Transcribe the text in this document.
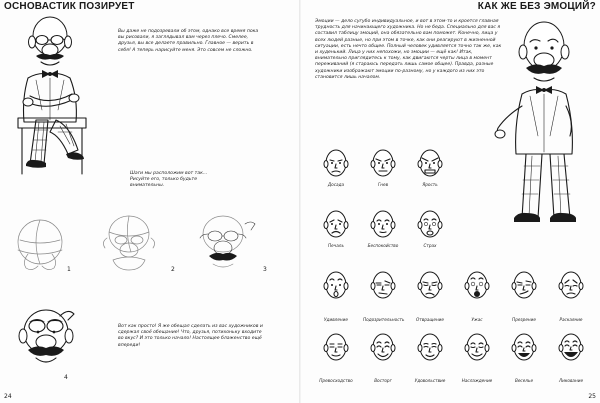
ОСНОВАСТИК ПОЗИРУЕТ
Вы даже не подозревали об этом, однако все время пока вы рисовали, я заглядывал вам через плечо. Смелее, друзья, вы все делаете правильно. Главное — верить в себя! А теперь нарисуйте меня. Это совсем не сложно.
Шаги мы расположим вот так... Рисуйте его, только будьте внимательны.
1	2	3
4
Вот как просто! Я же обещал сделать из вас художников и сдержал своё обещание! Что, друзья, потихоньку входите во вкус? И это только начало! Настоящее блаженство ещё впереди!
24
КАК ЖЕ БЕЗ ЭМОЦИЙ?
Эмоции — дело сугубо индивидуальное, и вот в этом-то и кроется главная трудность для начинающего художника. Но не беда. Специально для вас я составил таблицу эмоций, она обязательно вам поможет. Конечно, лица у всех людей разные, но при этом в точке, как они реагируют в жизненной ситуации, есть нечто общее. Полный человек удивляется точно так же, как и худенький. Лица у них непохожи, но эмоции — ещё как! Итак, внимательно приглядитесь к тому, как двигаются черты лица в момент переживаний (я стараюсь передать лишь самое общее). Правда, разные художники изображают эмоции по-разному, но у каждого из них это становится лишь началом.
Досада	Гнев	Ярость
Печаль	Беспокойство	Страх
Удивление	Подозрительность	Отвращение	Ужас	Презрение	Раскаяние
Превосходство	Восторг	Удовольствие	Наслаждение	Веселье	Ликование
25
